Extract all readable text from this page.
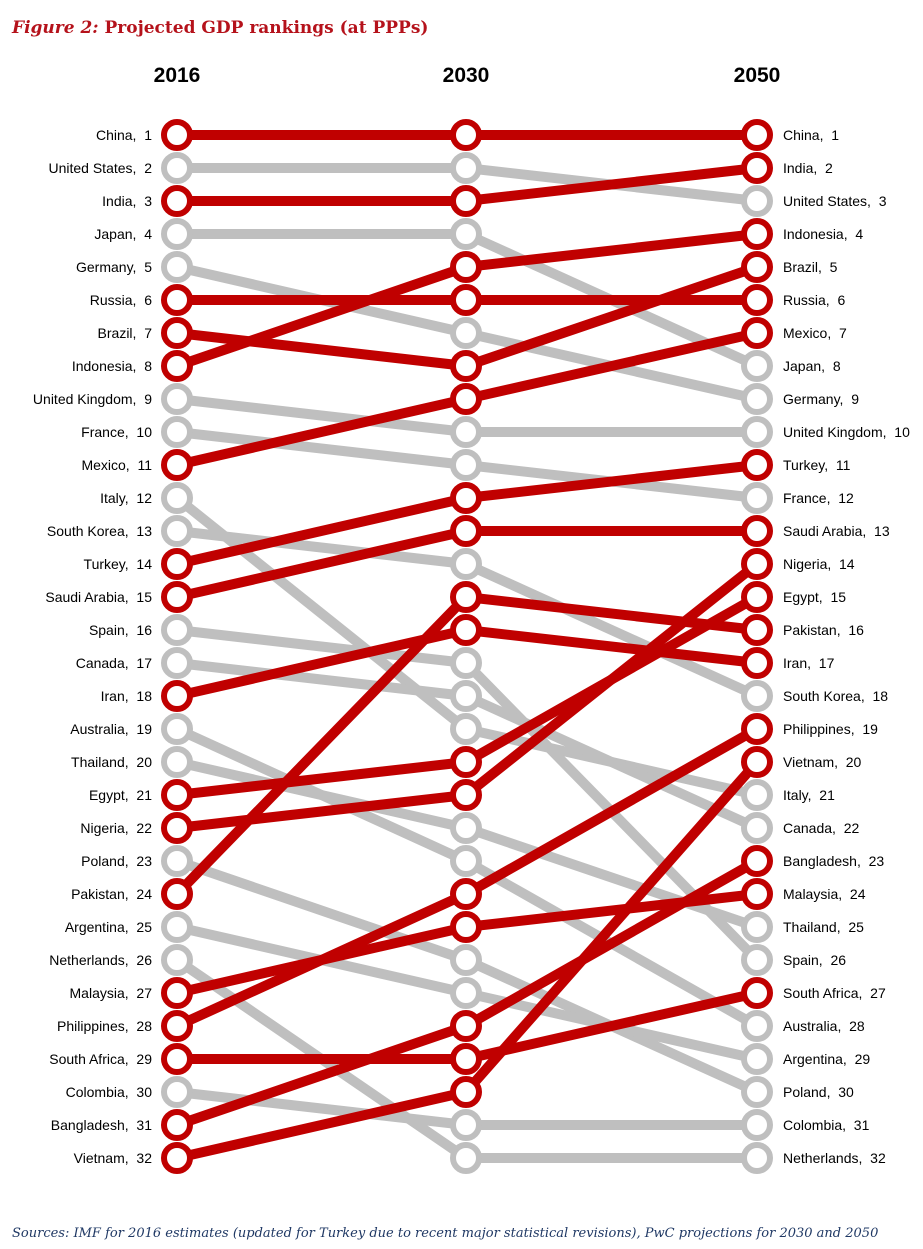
Figure 2: Projected GDP rankings (at PPPs)
2016	2030	2050
China,  1
United States,  2
India,  3
Japan,  4
Germany,  5
Russia,  6
Brazil,  7
Indonesia,  8
United Kingdom,  9
France,  10
Mexico,  11
Italy,  12
South Korea,  13
Turkey,  14
Saudi Arabia,  15
Spain,  16
Canada,  17
Iran,  18
Australia,  19
Thailand,  20
Egypt,  21
Nigeria,  22
Poland,  23
Pakistan,  24
Argentina,  25
Netherlands,  26
Malaysia,  27
Philippines,  28
South Africa,  29
Colombia,  30
Bangladesh,  31
Vietnam,  32
China,  1
United States,  3
India,  2
Japan,  8
Germany,  9
Russia,  6
Brazil,  5
Indonesia,  4
United Kingdom,  10
France,  12
Mexico,  7
Italy,  21
South Korea,  18
Turkey,  11
Saudi Arabia,  13
Spain,  26
Canada,  22
Iran,  17
Australia,  28
Thailand,  25
Egypt,  15
Nigeria,  14
Poland,  30
Pakistan,  16
Argentina,  29
Netherlands,  32
Malaysia,  24
Philippines,  19
South Africa,  27
Colombia,  31
Bangladesh,  23
Vietnam,  20
Sources: IMF for 2016 estimates (updated for Turkey due to recent major statistical revisions), PwC projections for 2030 and 2050
